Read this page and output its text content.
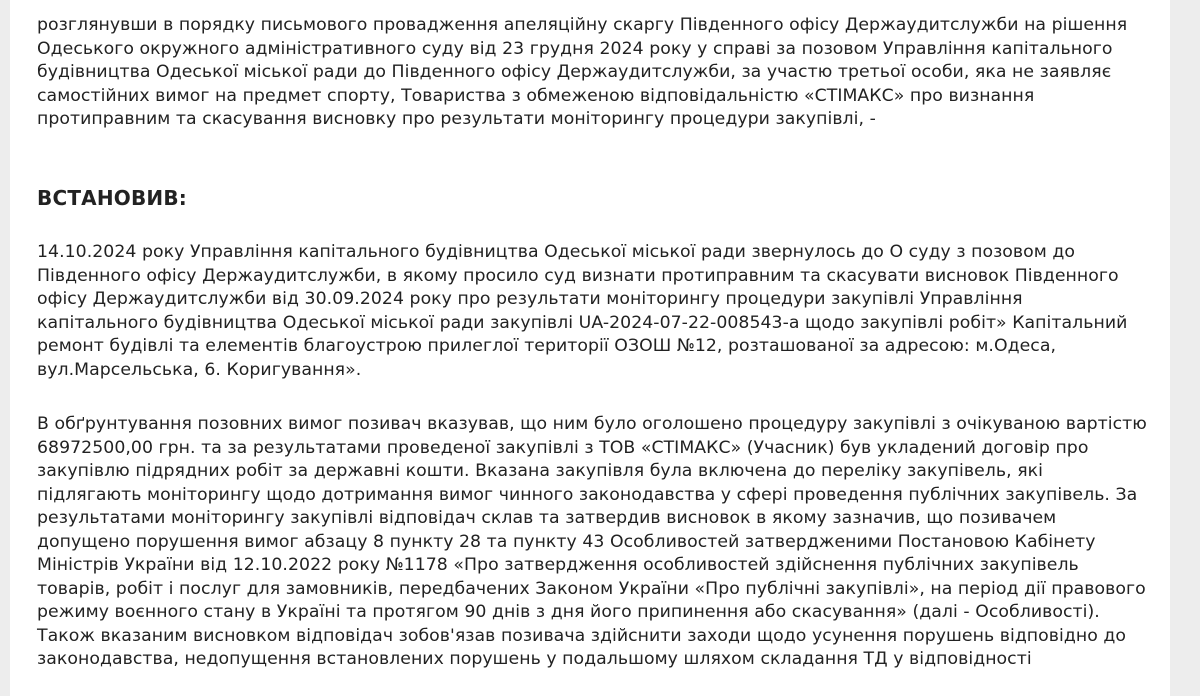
розглянувши в порядку письмового провадження апеляційну скаргу Південного офісу Держаудитслужби на рішення Одеського окружного адміністративного суду від 23 грудня 2024 року у справі за позовом Управління капітального будівництва Одеської міської ради до Південного офісу Держаудитслужби, за участю третьої особи, яка не заявляє самостійних вимог на предмет спорту, Товариства з обмеженою відповідальністю «СТІМАКС» про визнання протиправним та скасування висновку про результати моніторингу процедури закупівлі, -

ВСТАНОВИВ:

14.10.2024 року Управління капітального будівництва Одеської міської ради звернулось до О суду з позовом до Південного офісу Держаудитслужби, в якому просило суд визнати протиправним та скасувати висновок Південного офісу Держаудитслужби від 30.09.2024 року про результати моніторингу процедури закупівлі Управління капітального будівництва Одеської міської ради закупівлі UA-2024-07-22-008543-а щодо закупівлі робіт» Капітальний ремонт будівлі та елементів благоустрою прилеглої території ОЗОШ №12, розташованої за адресою: м.Одеса, вул.Марсельська, 6. Коригування».

В обґрунтування позовних вимог позивач вказував, що ним було оголошено процедуру закупівлі з очікуваною вартістю 68972500,00 грн. та за результатами проведеної закупівлі з ТОВ «СТІМАКС» (Учасник) був укладений договір про закупівлю підрядних робіт за державні кошти. Вказана закупівля була включена до переліку закупівель, які підлягають моніторингу щодо дотримання вимог чинного законодавства у сфері проведення публічних закупівель. За результатами моніторингу закупівлі відповідач склав та затвердив висновок в якому зазначив, що позивачем допущено порушення вимог абзацу 8 пункту 28 та пункту 43 Особливостей затвердженими Постановою Кабінету Міністрів України від 12.10.2022 року №1178 «Про затвердження особливостей здійснення публічних закупівель товарів, робіт і послуг для замовників, передбачених Законом України «Про публічні закупівлі», на період дії правового режиму воєнного стану в Україні та протягом 90 днів з дня його припинення або скасування» (далі - Особливості). Також вказаним висновком відповідач зобов'язав позивача здійснити заходи щодо усунення порушень відповідно до законодавства, недопущення встановлених порушень у подальшому шляхом складання ТД у відповідності
